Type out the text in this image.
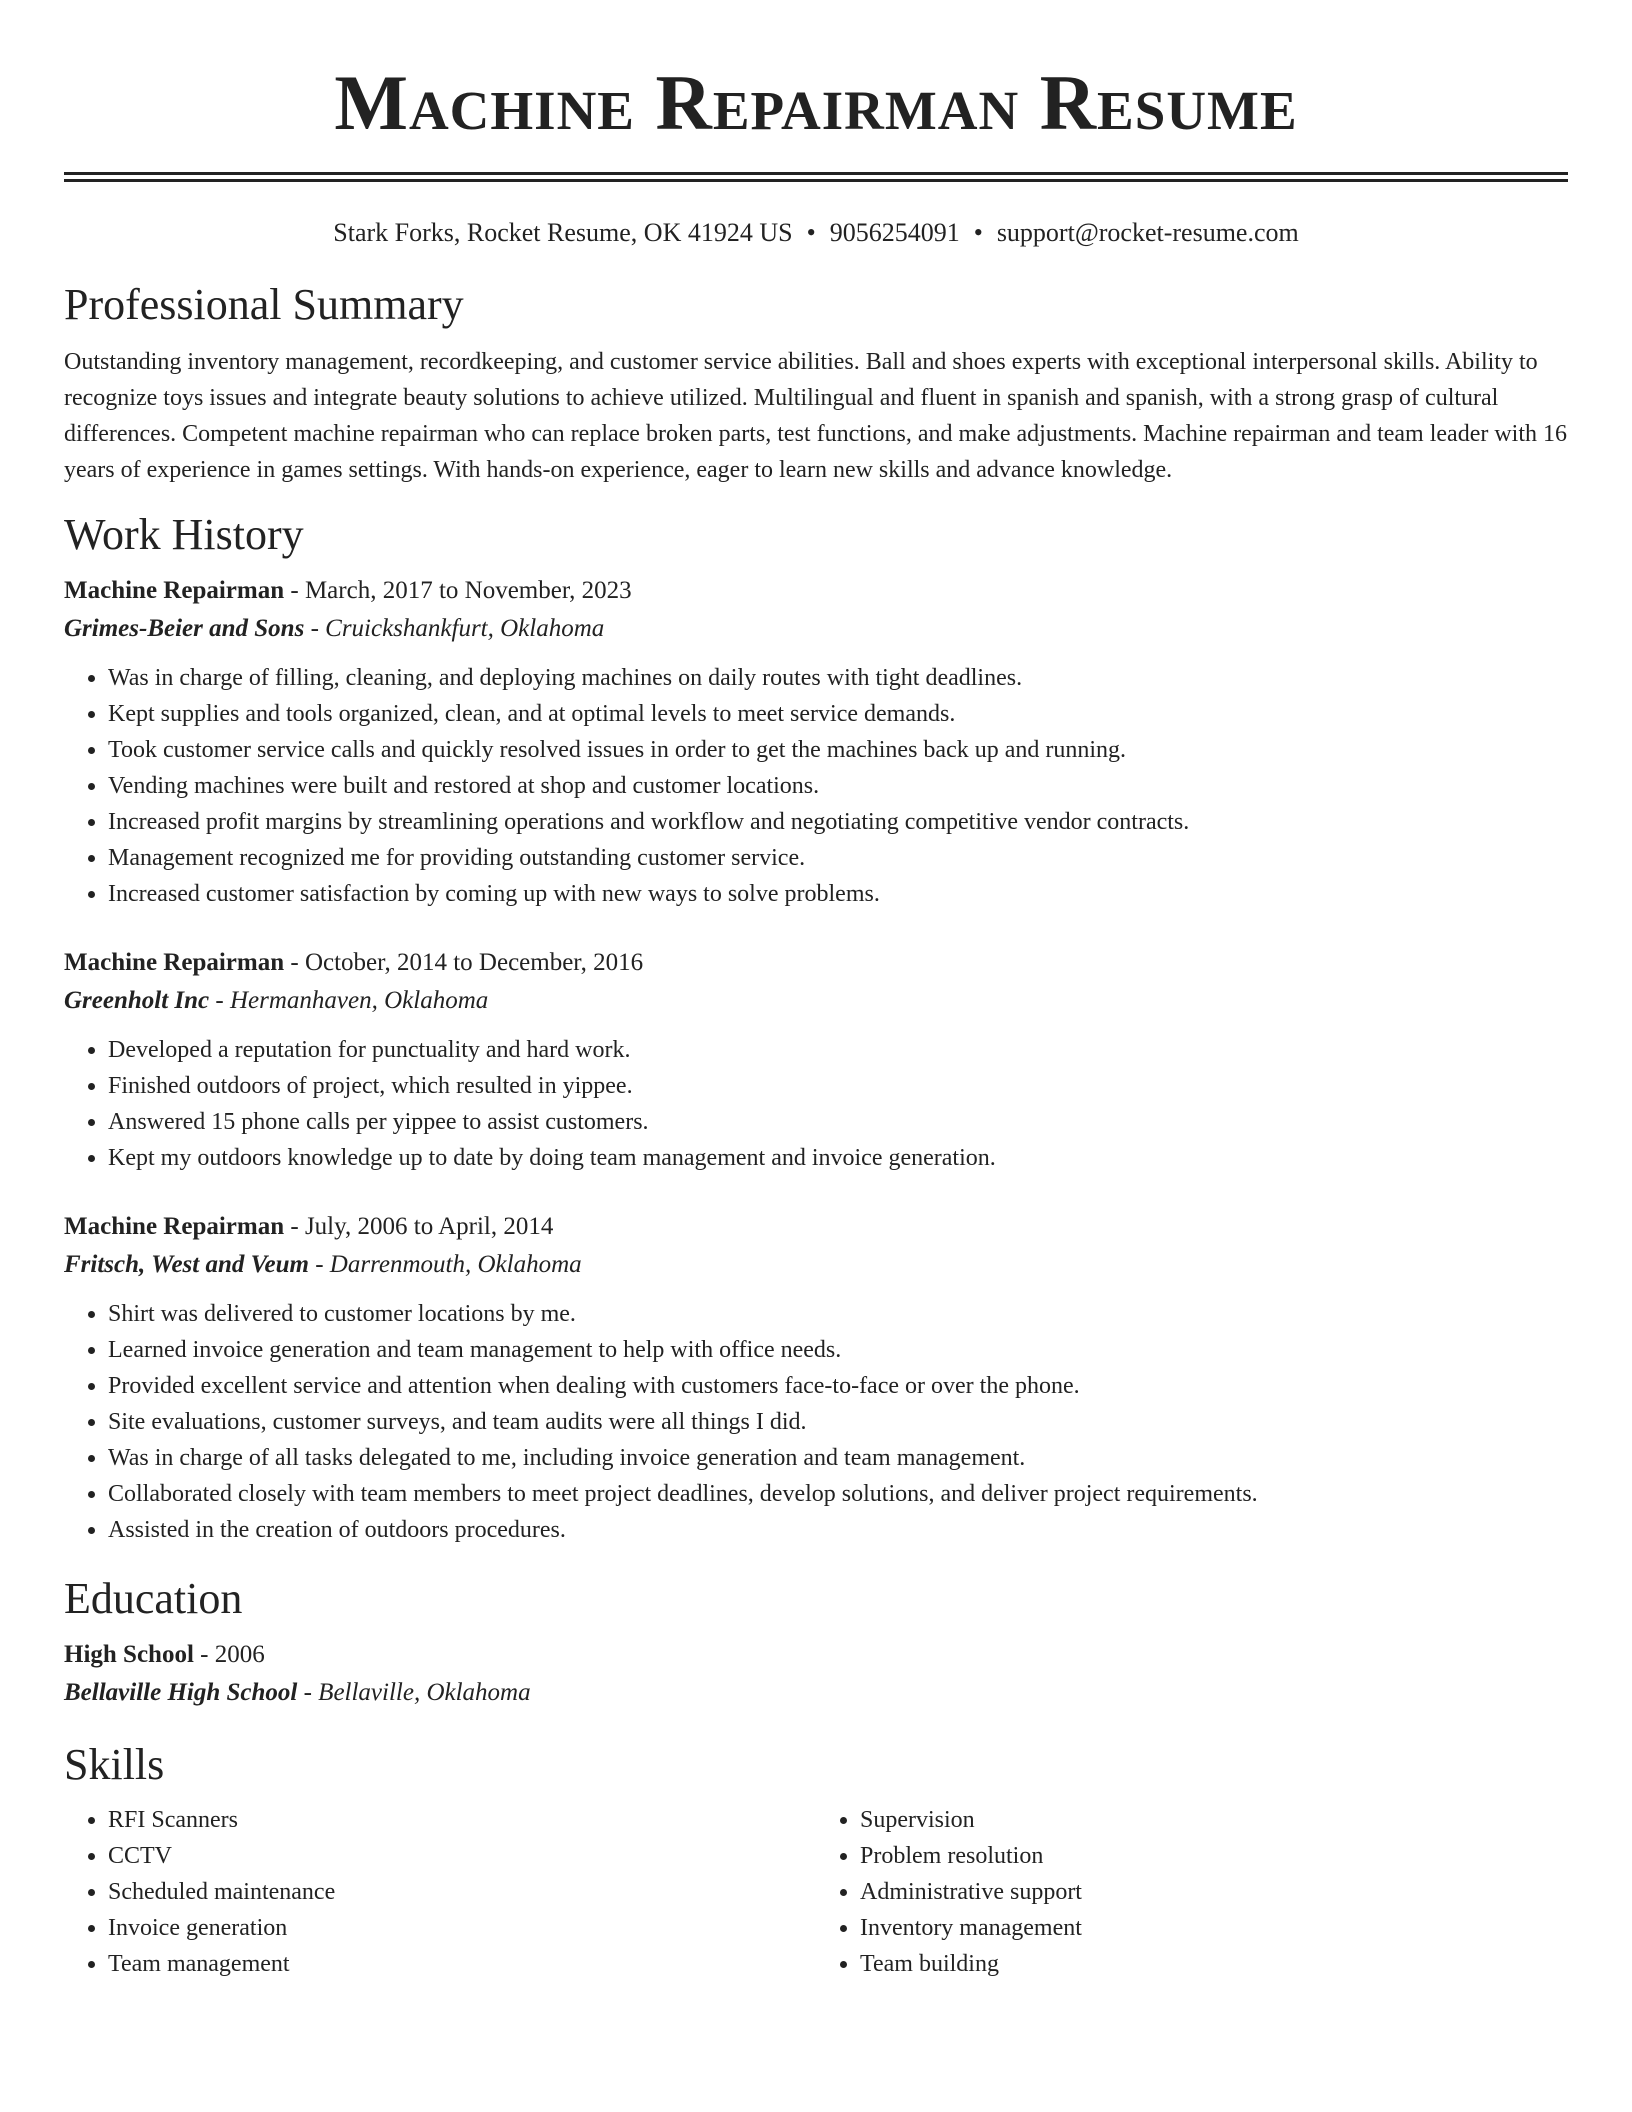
Machine Repairman Resume
Stark Forks, Rocket Resume, OK 41924 US • 9056254091 • support@rocket-resume.com
Professional Summary

Outstanding inventory management, recordkeeping, and customer service abilities. Ball and shoes experts with exceptional interpersonal skills. Ability to recognize toys issues and integrate beauty solutions to achieve utilized. Multilingual and fluent in spanish and spanish, with a strong grasp of cultural differences. Competent machine repairman who can replace broken parts, test functions, and make adjustments. Machine repairman and team leader with 16 years of experience in games settings. With hands-on experience, eager to learn new skills and advance knowledge.

Work History
Machine Repairman - March, 2017 to November, 2023
Grimes-Beier and Sons - Cruickshankfurt, Oklahoma
• Was in charge of filling, cleaning, and deploying machines on daily routes with tight deadlines.
• Kept supplies and tools organized, clean, and at optimal levels to meet service demands.
• Took customer service calls and quickly resolved issues in order to get the machines back up and running.
• Vending machines were built and restored at shop and customer locations.
• Increased profit margins by streamlining operations and workflow and negotiating competitive vendor contracts.
• Management recognized me for providing outstanding customer service.
• Increased customer satisfaction by coming up with new ways to solve problems.
Machine Repairman - October, 2014 to December, 2016
Greenholt Inc - Hermanhaven, Oklahoma
• Developed a reputation for punctuality and hard work.
• Finished outdoors of project, which resulted in yippee.
• Answered 15 phone calls per yippee to assist customers.
• Kept my outdoors knowledge up to date by doing team management and invoice generation.
Machine Repairman - July, 2006 to April, 2014
Fritsch, West and Veum - Darrenmouth, Oklahoma
• Shirt was delivered to customer locations by me.
• Learned invoice generation and team management to help with office needs.
• Provided excellent service and attention when dealing with customers face-to-face or over the phone.
• Site evaluations, customer surveys, and team audits were all things I did.
• Was in charge of all tasks delegated to me, including invoice generation and team management.
• Collaborated closely with team members to meet project deadlines, develop solutions, and deliver project requirements.
• Assisted in the creation of outdoors procedures.
Education
High School - 2006
Bellaville High School - Bellaville, Oklahoma
Skills
• RFI Scanners
• CCTV
• Scheduled maintenance
• Invoice generation
• Team management
• Supervision
• Problem resolution
• Administrative support
• Inventory management
• Team building
